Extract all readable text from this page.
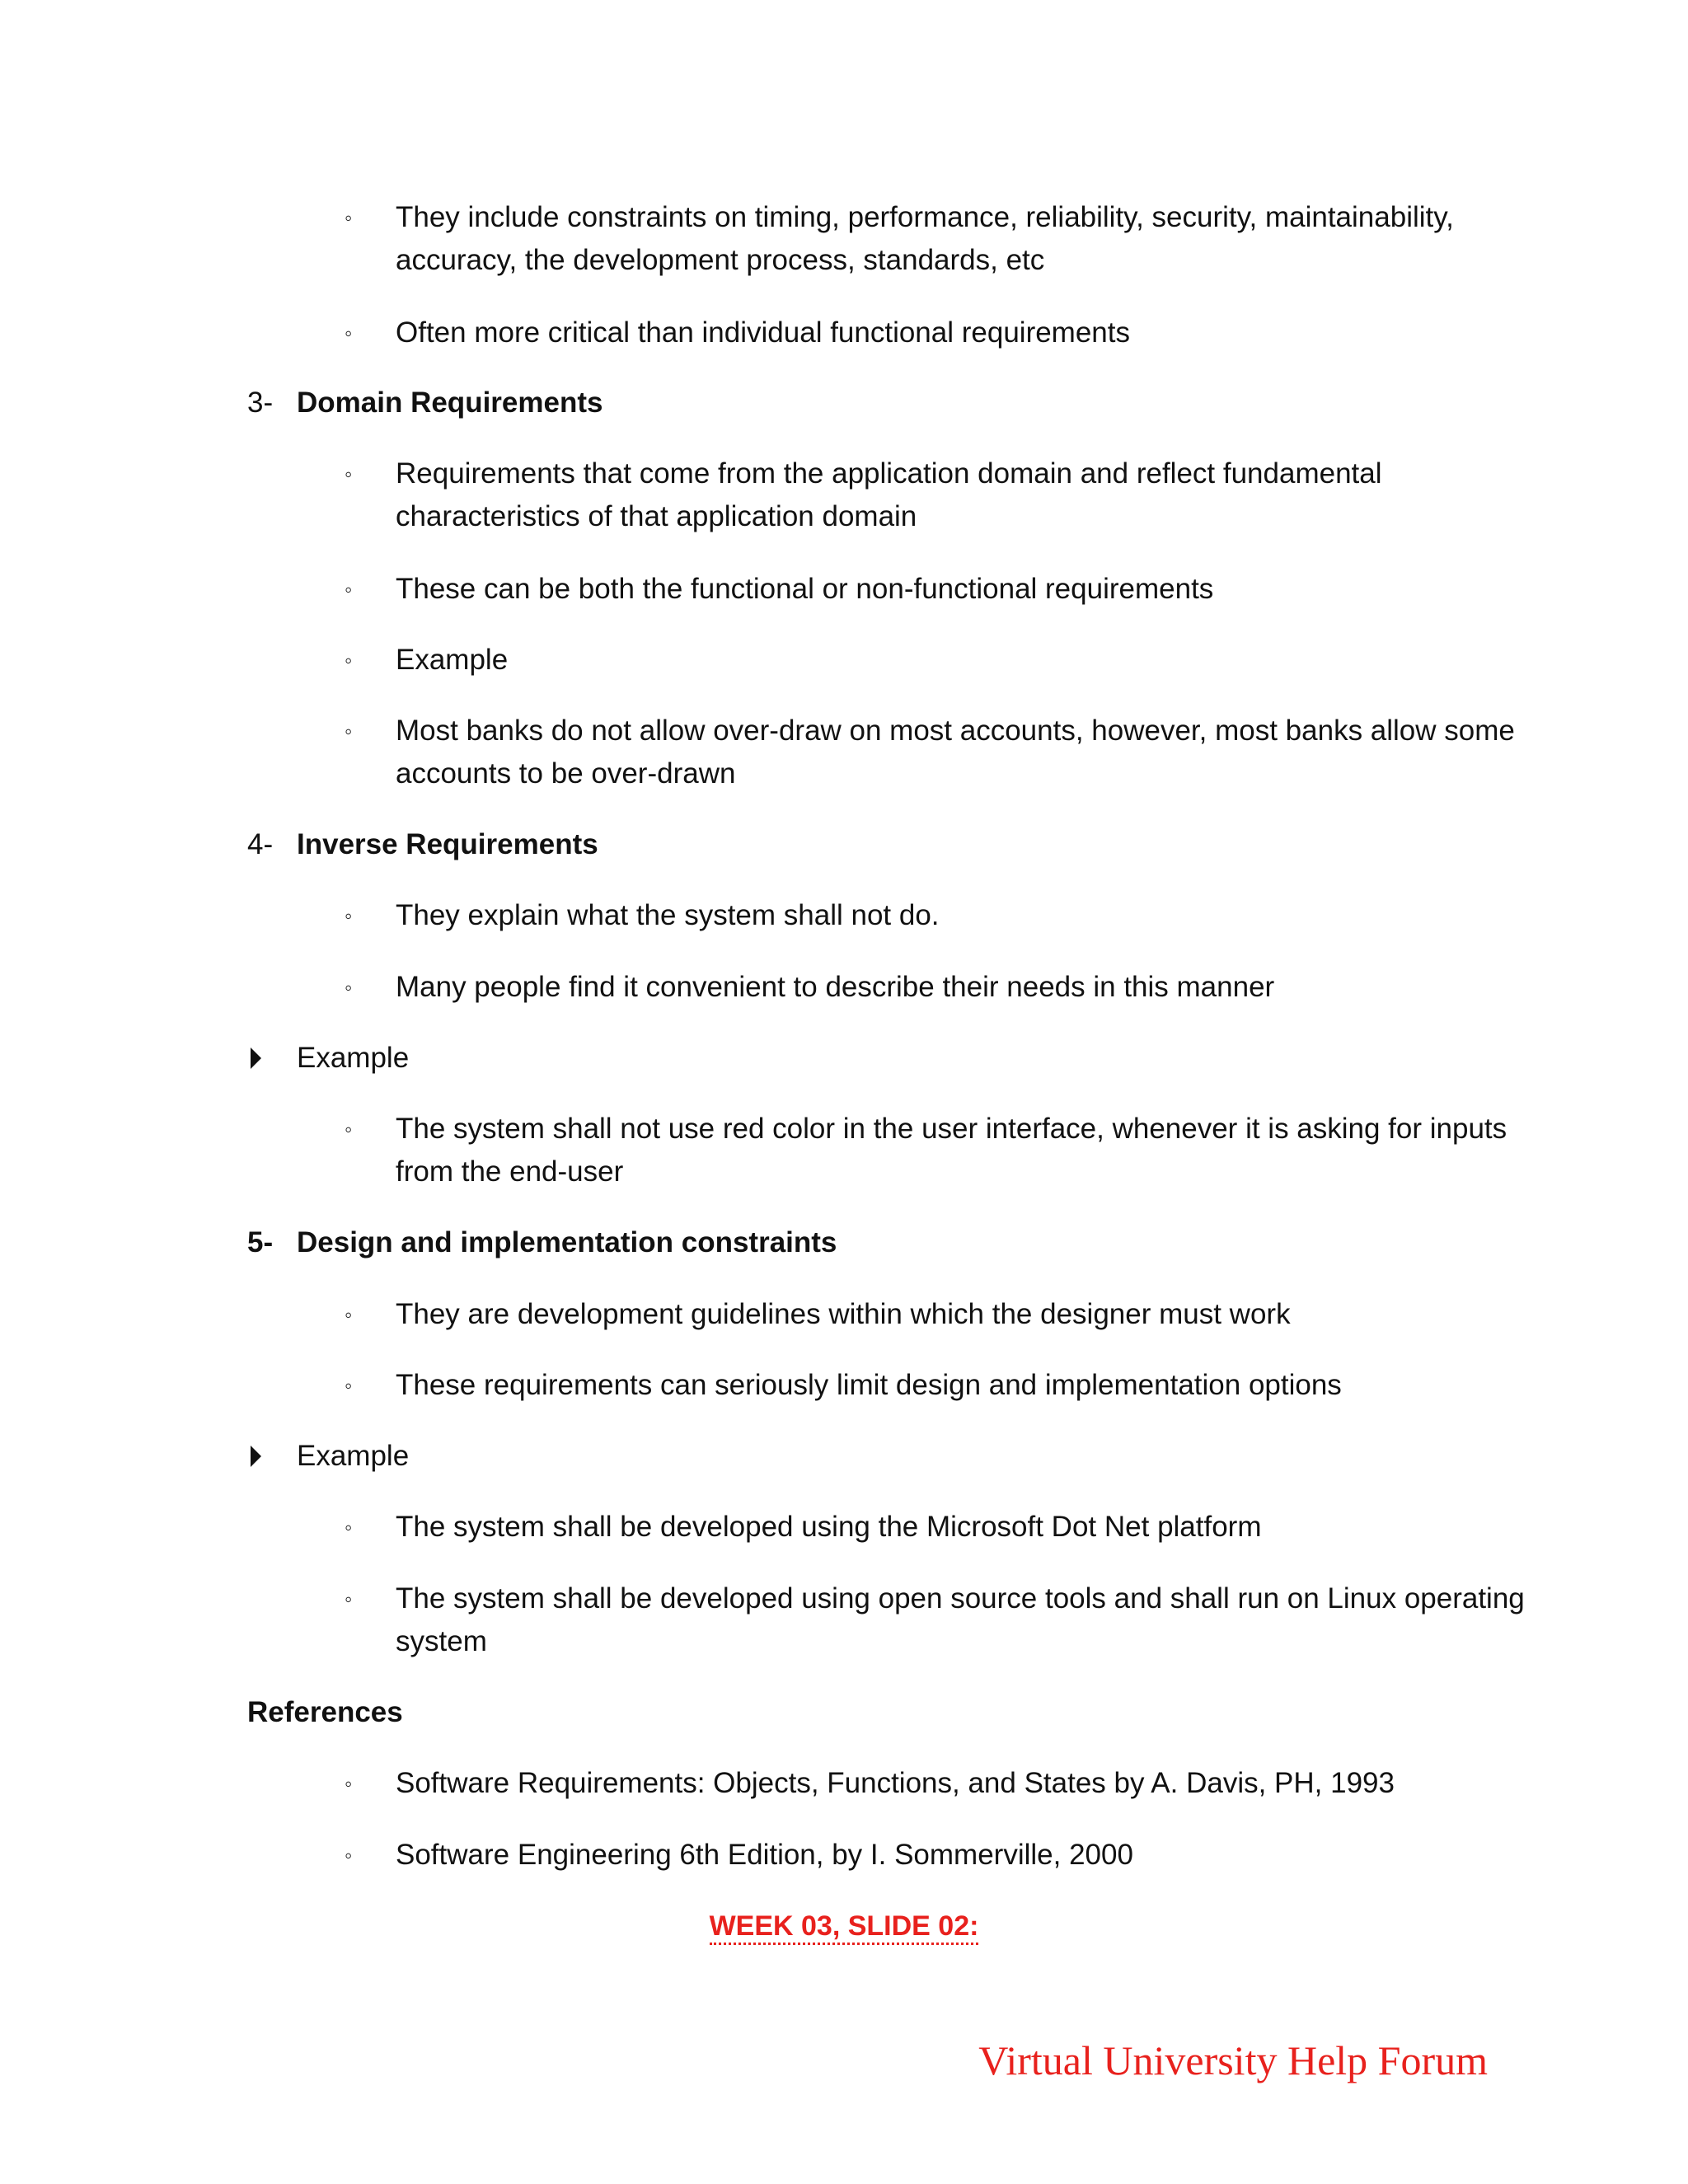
◦ They include constraints on timing, performance, reliability, security, maintainability,
accuracy, the development process, standards, etc
◦ Often more critical than individual functional requirements
3- Domain Requirements
◦ Requirements that come from the application domain and reflect fundamental
characteristics of that application domain
◦ These can be both the functional or non-functional requirements
◦ Example
◦ Most banks do not allow over-draw on most accounts, however, most banks allow some
accounts to be over-drawn
4- Inverse Requirements
◦ They explain what the system shall not do.
◦ Many people find it convenient to describe their needs in this manner
Example
◦ The system shall not use red color in the user interface, whenever it is asking for inputs
from the end-user
5- Design and implementation constraints
◦ They are development guidelines within which the designer must work
◦ These requirements can seriously limit design and implementation options
Example
◦ The system shall be developed using the Microsoft Dot Net platform
◦ The system shall be developed using open source tools and shall run on Linux operating
system
References
◦ Software Requirements: Objects, Functions, and States by A. Davis, PH, 1993
◦ Software Engineering 6th Edition, by I. Sommerville, 2000
WEEK 03, SLIDE 02:
Virtual University Help Forum
